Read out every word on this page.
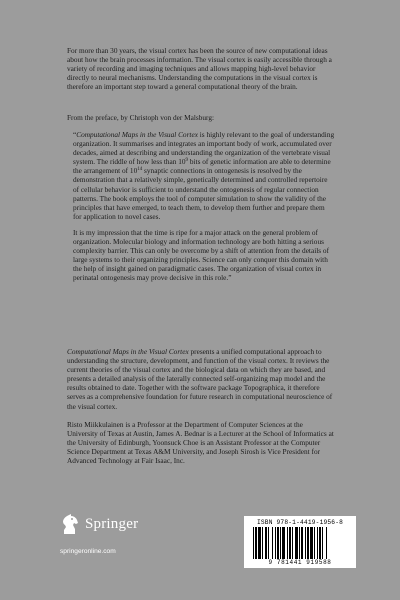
For more than 30 years, the visual cortex has been the source of new computational ideas about how the brain processes information. The visual cortex is easily accessible through a variety of recording and imaging techniques and allows mapping high-level behavior directly to neural mechanisms. Understanding the computations in the visual cortex is therefore an important step toward a general computational theory of the brain.

From the preface, by Christoph von der Malsburg:

“Computational Maps in the Visual Cortex is highly relevant to the goal of understanding organization. It summarises and integrates an important body of work, accumulated over decades, aimed at describing and understanding the organization of the vertebrate visual system. The riddle of how less than $10^9$ bits of genetic information are able to determine the arrangement of $10^{14}$ synaptic connections in ontogenesis is resolved by the demonstration that a relatively simple, genetically determined and controlled repertoire of cellular behavior is sufficient to understand the ontogenesis of regular connection patterns. The book employs the tool of computer simulation to show the validity of the principles that have emerged, to teach them, to develop them further and prepare them for application to novel cases.

It is my impression that the time is ripe for a major attack on the general problem of organization. Molecular biology and information technology are both hitting a serious complexity barrier. This can only be overcome by a shift of attention from the details of large systems to their organizing principles. Science can only conquer this domain with the help of insight gained on paradigmatic cases. The organization of visual cortex in perinatal ontogenesis may prove decisive in this role.”

Computational Maps in the Visual Cortex presents a unified computational approach to understanding the structure, development, and function of the visual cortex. It reviews the current theories of the visual cortex and the biological data on which they are based, and presents a detailed analysis of the laterally connected self-organizing map model and the results obtained to date. Together with the software package Topographica, it therefore serves as a comprehensive foundation for future research in computational neuroscience of the visual cortex.

Risto Miikkulainen is a Professor at the Department of Computer Sciences at the University of Texas at Austin, James A. Bednar is a Lecturer at the School of Informatics at the University of Edinburgh, Yoonsuck Choe is an Assistant Professor at the Computer Science Department at Texas A&M University, and Joseph Sirosh is Vice President for Advanced Technology at Fair Isaac, Inc.

Springer
springeronline.com
ISBN 978-1-4419-1956-8
9 781441 919588
